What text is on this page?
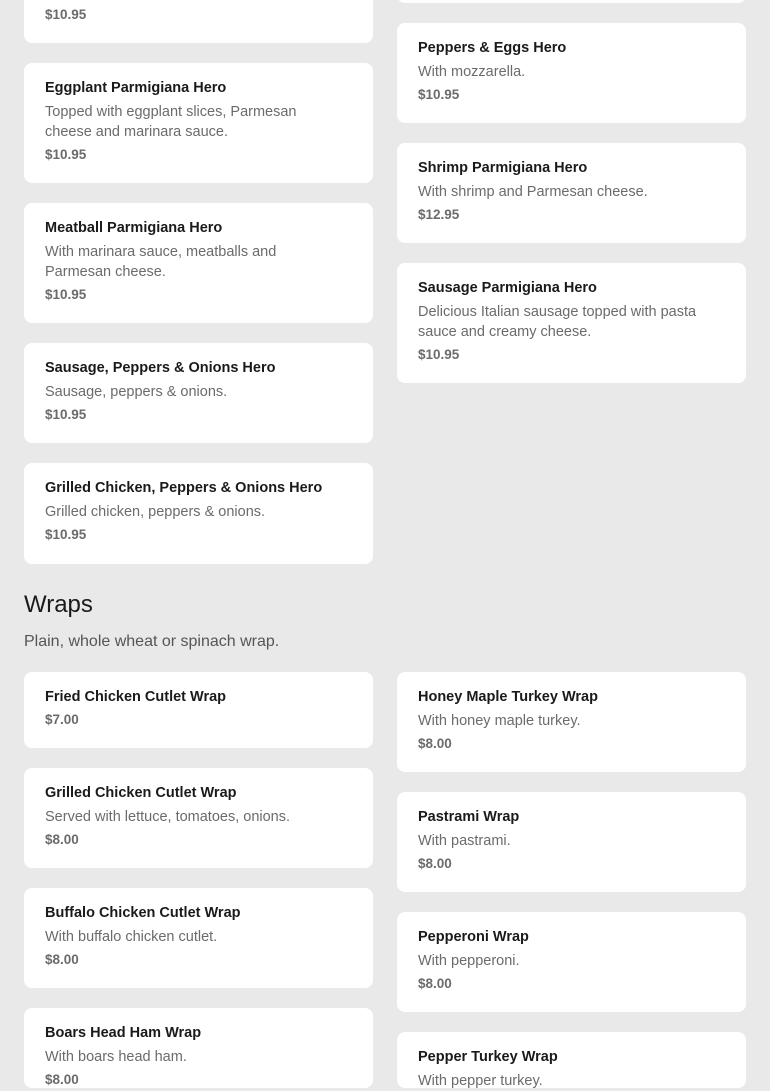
$10.95
Eggplant Parmigiana Hero
Topped with eggplant slices, Parmesan cheese and marinara sauce.
$10.95
Meatball Parmigiana Hero
With marinara sauce, meatballs and Parmesan cheese.
$10.95
Sausage, Peppers & Onions Hero
Sausage, peppers & onions.
$10.95
Grilled Chicken, Peppers & Onions Hero
Grilled chicken, peppers & onions.
$10.95
Peppers & Eggs Hero
With mozzarella.
$10.95
Shrimp Parmigiana Hero
With shrimp and Parmesan cheese.
$12.95
Sausage Parmigiana Hero
Delicious Italian sausage topped with pasta sauce and creamy cheese.
$10.95
Wraps

Plain, whole wheat or spinach wrap.

Fried Chicken Cutlet Wrap
$7.00
Grilled Chicken Cutlet Wrap
Served with lettuce, tomatoes, onions.
$8.00
Buffalo Chicken Cutlet Wrap
With buffalo chicken cutlet.
$8.00
Boars Head Ham Wrap
With boars head ham.
$8.00
Honey Maple Turkey Wrap
With honey maple turkey.
$8.00
Pastrami Wrap
With pastrami.
$8.00
Pepperoni Wrap
With pepperoni.
$8.00
Pepper Turkey Wrap
With pepper turkey.
